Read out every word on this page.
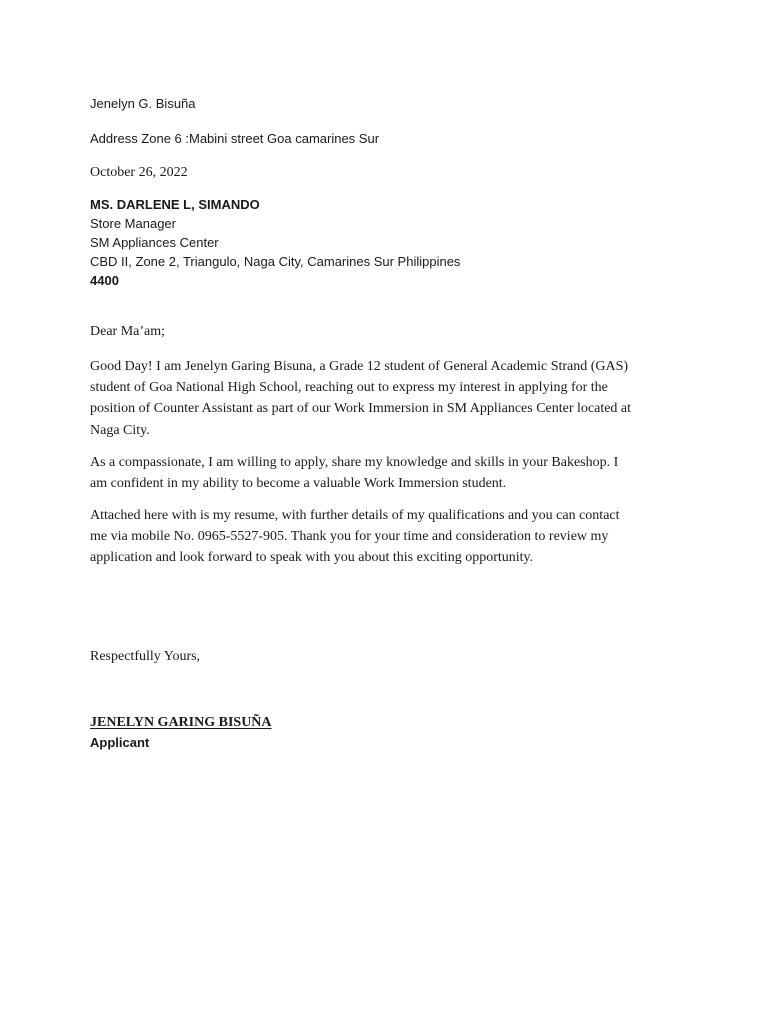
Jenelyn G. Bisuña

Address Zone 6 :Mabini street Goa camarines Sur

October 26, 2022

MS. DARLENE L, SIMANDO
Store Manager
SM Appliances Center
CBD II, Zone 2, Triangulo, Naga City, Camarines Sur Philippines
4400

Dear Ma’am;

Good Day! I am Jenelyn Garing Bisuna, a Grade 12 student of General Academic Strand (GAS)
student of Goa National High School, reaching out to express my interest in applying for the
position of Counter Assistant as part of our Work Immersion in SM Appliances Center located at
Naga City.
As a compassionate, I am willing to apply, share my knowledge and skills in your Bakeshop. I
am confident in my ability to become a valuable Work Immersion student.
Attached here with is my resume, with further details of my qualifications and you can contact
me via mobile No. 0965-5527-905. Thank you for your time and consideration to review my
application and look forward to speak with you about this exciting opportunity.

Respectfully Yours,

JENELYN GARING BISUÑA

Applicant
